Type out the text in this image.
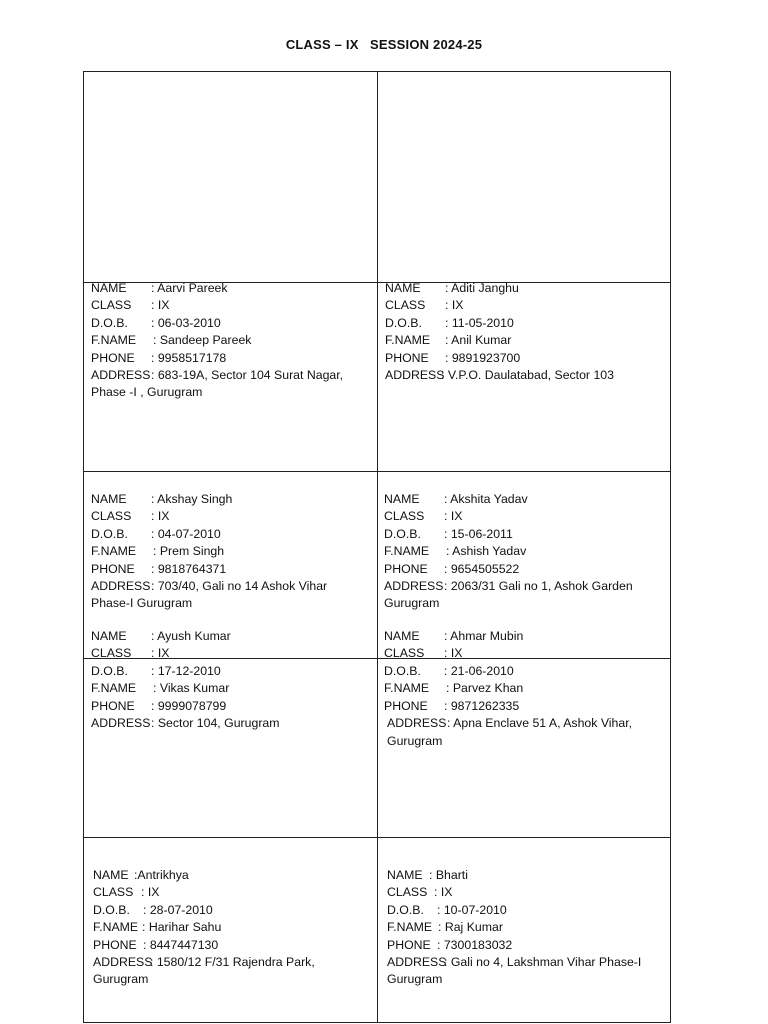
CLASS – IX SESSION 2024-25
NAME	: Aarvi Pareek
CLASS	: IX
D.O.B.	: 06-03-2010
F.NAME	: Sandeep Pareek
PHONE	: 9958517178
ADDRESS : 683-19A, Sector 104 Surat Nagar,
Phase -I , Gurugram
NAME	: Aditi Janghu
CLASS	: IX
D.O.B.	: 11-05-2010
F.NAME	: Anil Kumar
PHONE	: 9891923700
ADDRESS
: V.P.O. Daulatabad, Sector 103
NAME	: Akshay Singh
CLASS	: IX
D.O.B.	: 04-07-2010
F.NAME	: Prem Singh
PHONE	: 9818764371
ADDRESS : 703/40, Gali no 14 Ashok Vihar
Phase-I Gurugram
NAME	: Akshita Yadav
CLASS	: IX
D.O.B.	: 15-06-2011
F.NAME	: Ashish Yadav
PHONE	: 9654505522
ADDRESS : 2063/31 Gali no 1, Ashok Garden
Gurugram
NAME	: Ayush Kumar
CLASS	: IX
D.O.B.	: 17-12-2010
F.NAME	: Vikas Kumar
PHONE	: 9999078799
ADDRESS : Sector 104, Gurugram
NAME	: Ahmar Mubin
CLASS	: IX
D.O.B.	: 21-06-2010
F.NAME	: Parvez Khan
PHONE	: 9871262335
ADDRESS : Apna Enclave 51 A, Ashok Vihar,
Gurugram
NAME :Antrikhya
CLASS : IX
D.O.B.	: 28-07-2010
F.NAME : Harihar Sahu
PHONE : 8447447130
ADDRESS
: 1580/12 F/31 Rajendra Park,
Gurugram
NAME : Bharti
CLASS : IX
D.O.B.	: 10-07-2010
F.NAME : Raj Kumar
PHONE : 7300183032
ADDRESS
: Gali no 4, Lakshman Vihar Phase-I
Gurugram
